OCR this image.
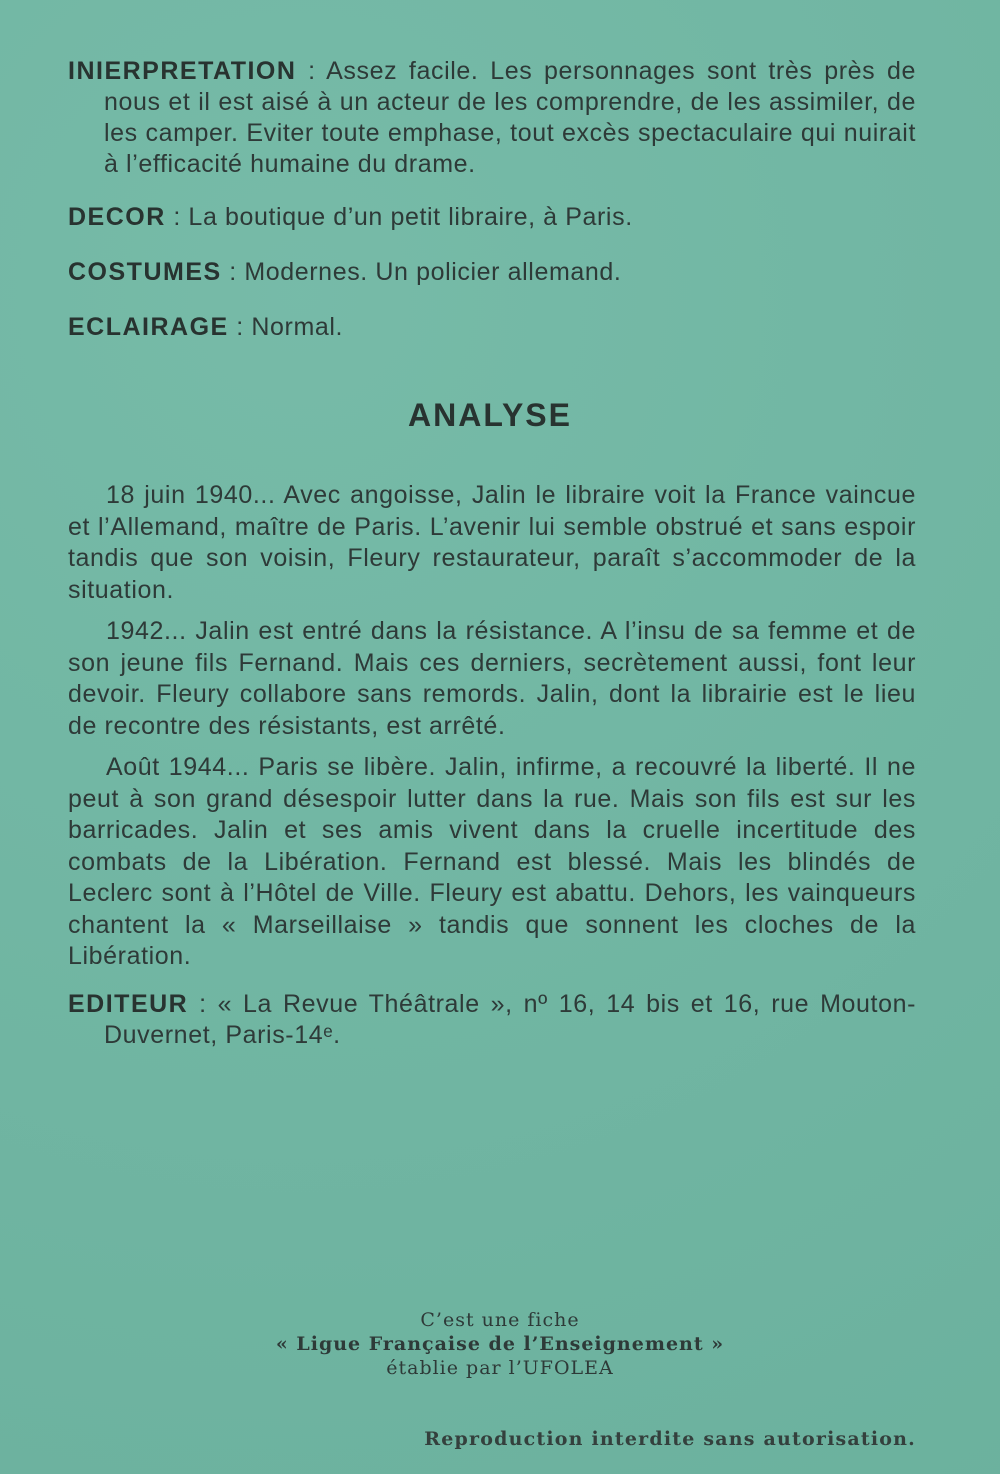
INIERPRETATION : Assez facile. Les personnages sont très près de nous et il est aisé à un acteur de les comprendre, de les assimiler, de les camper. Eviter toute emphase, tout excès spectaculaire qui nuirait à l’efficacité humaine du drame.

DECOR : La boutique d’un petit libraire, à Paris.

COSTUMES : Modernes. Un policier allemand.

ECLAIRAGE : Normal.

ANALYSE

18 juin 1940... Avec angoisse, Jalin le libraire voit la France vaincue et l’Allemand, maître de Paris. L’avenir lui semble obstrué et sans espoir tandis que son voisin, Fleury restaurateur, paraît s’accommoder de la situation.

1942... Jalin est entré dans la résistance. A l’insu de sa femme et de son jeune fils Fernand. Mais ces derniers, secrètement aussi, font leur devoir. Fleury collabore sans remords. Jalin, dont la librairie est le lieu de recontre des résistants, est arrêté.

Août 1944... Paris se libère. Jalin, infirme, a recouvré la liberté. Il ne peut à son grand désespoir lutter dans la rue. Mais son fils est sur les barricades. Jalin et ses amis vivent dans la cruelle incertitude des combats de la Libération. Fernand est blessé. Mais les blindés de Leclerc sont à l’Hôtel de Ville. Fleury est abattu. Dehors, les vainqueurs chantent la « Marseillaise » tandis que sonnent les cloches de la Libération.

EDITEUR : « La Revue Théâtrale », nº 16, 14 bis et 16, rue Mouton-Duvernet, Paris-14ᵉ.

C’est une fiche
« Ligue Française de l’Enseignement »
établie par l’UFOLEA
Reproduction interdite sans autorisation.
